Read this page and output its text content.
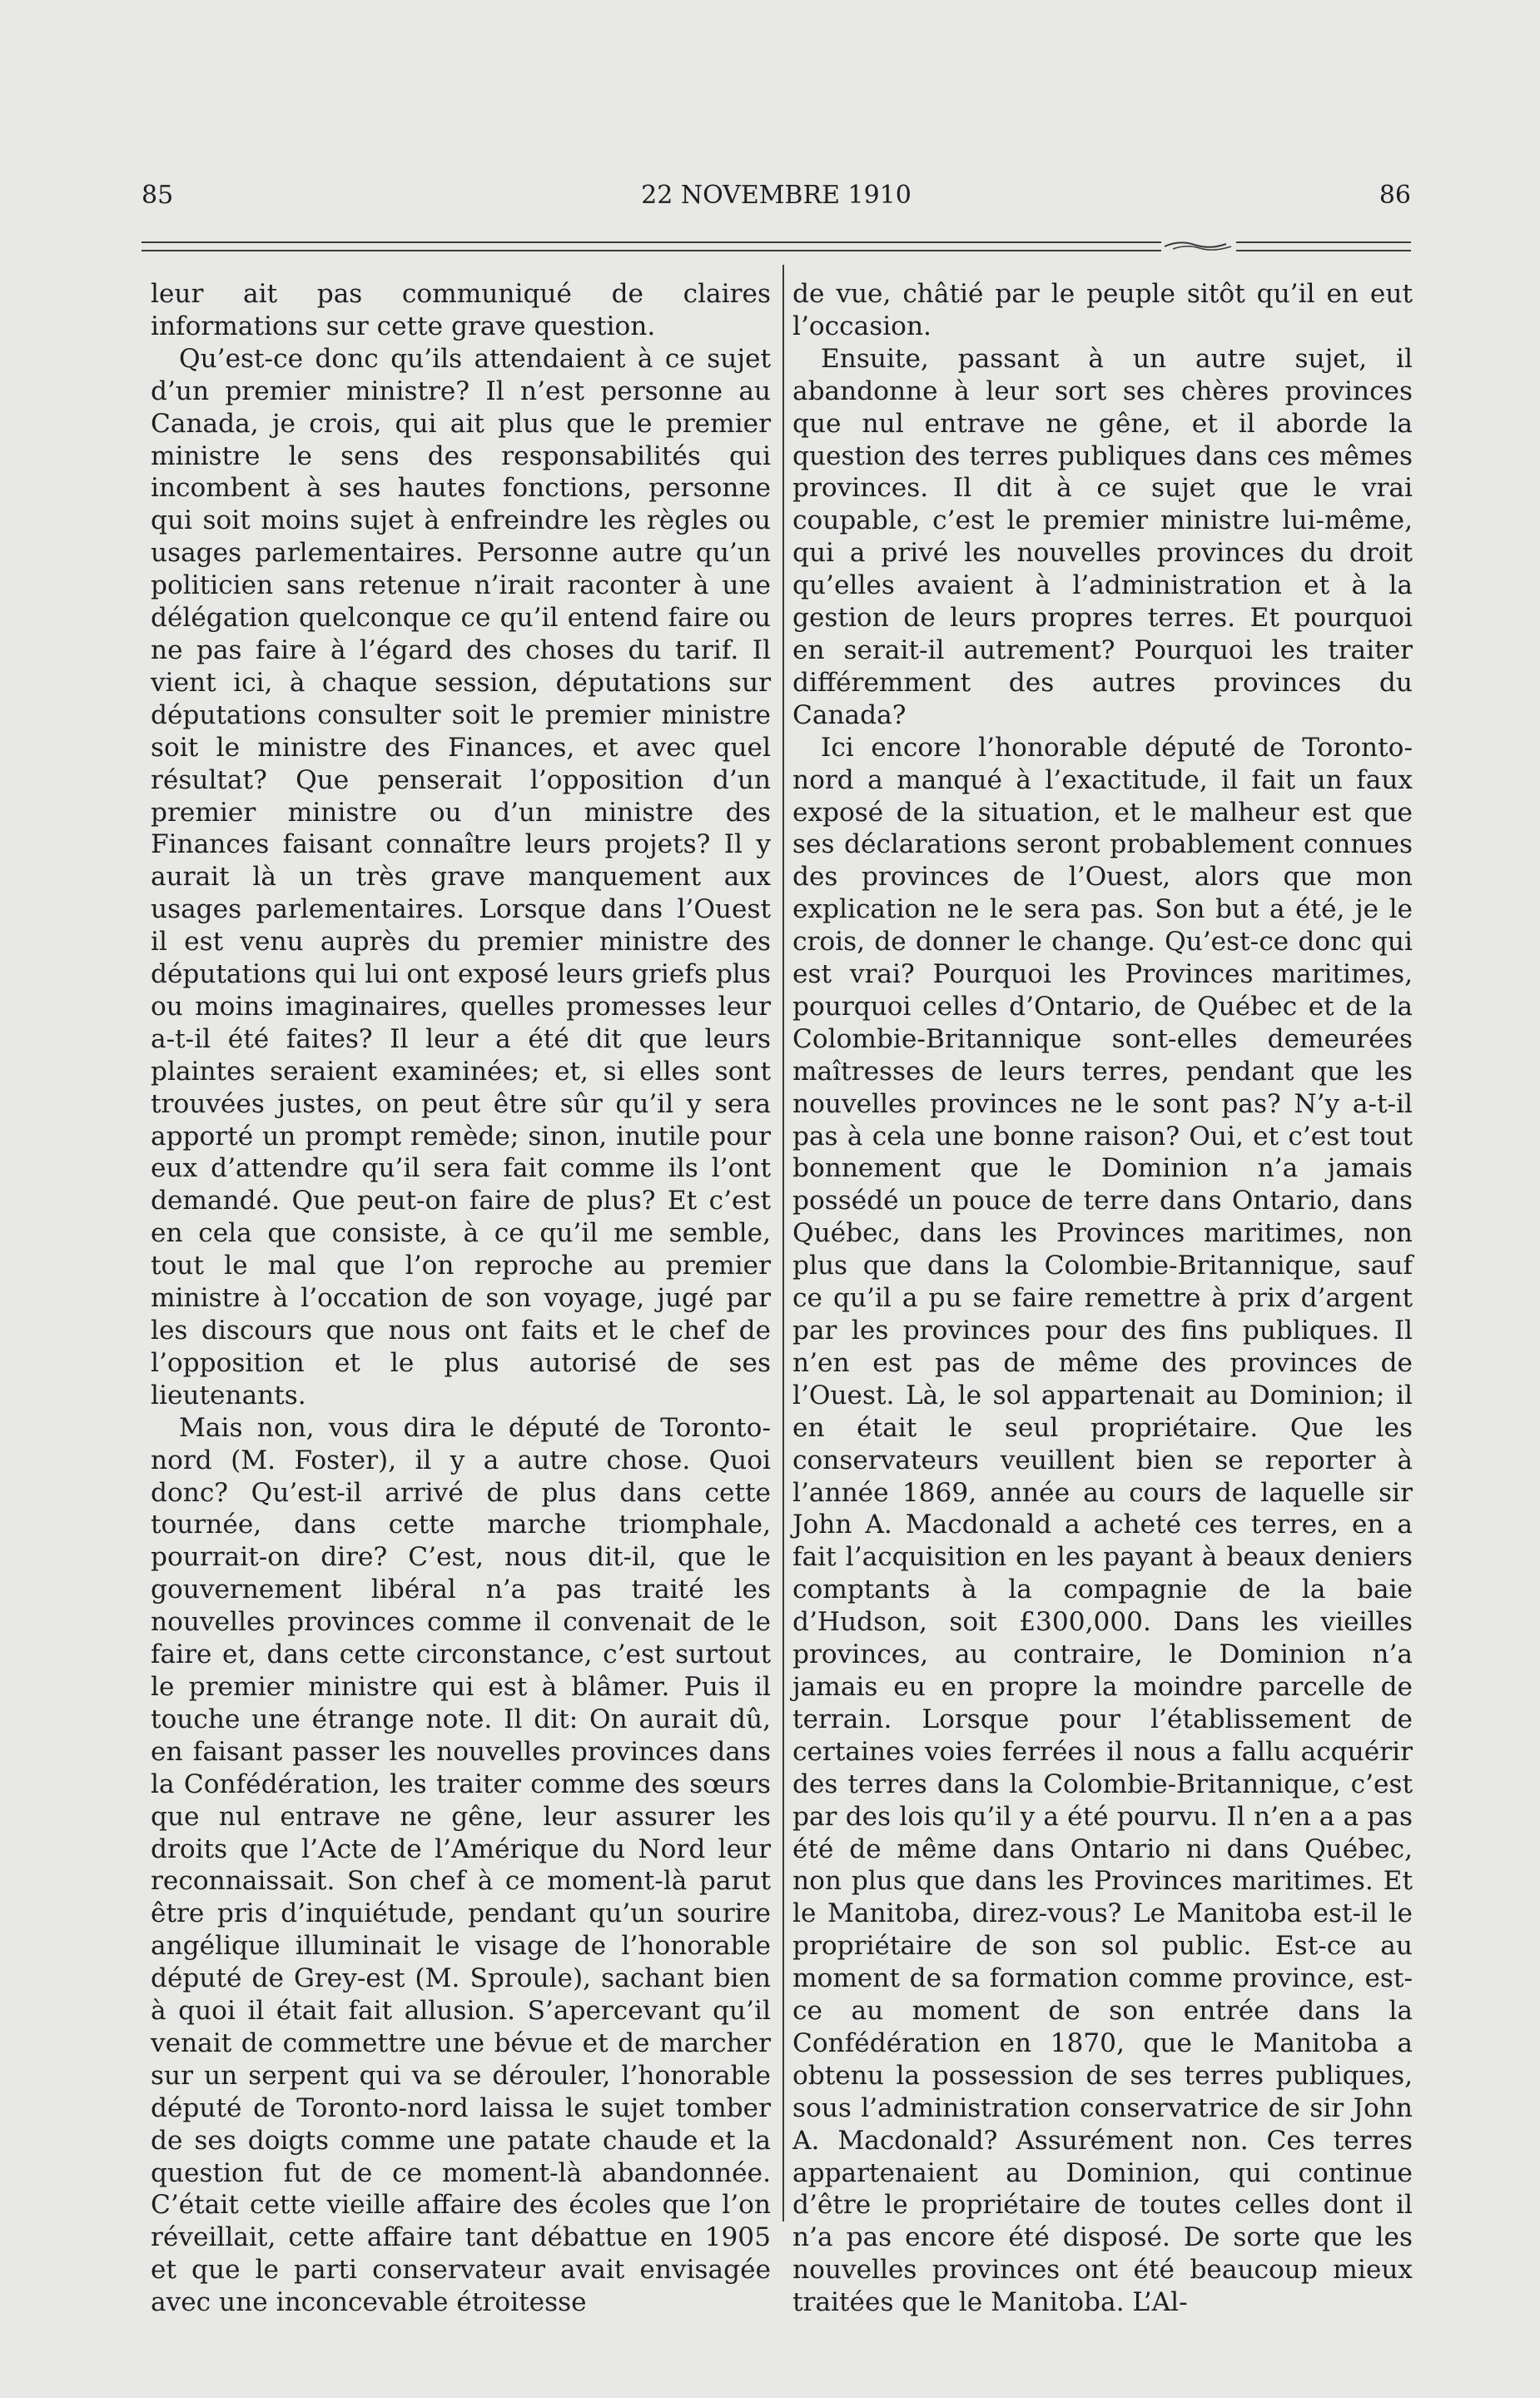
85	22 NOVEMBRE 1910	86

leur ait pas communiqué de claires informations sur cette grave question.

Qu’est-ce donc qu’ils attendaient à ce sujet d’un premier ministre? Il n’est personne au Canada, je crois, qui ait plus que le premier ministre le sens des responsabilités qui incombent à ses hautes fonctions, personne qui soit moins sujet à enfreindre les règles ou usages parlementaires. Personne autre qu’un politicien sans retenue n’irait raconter à une délégation quelconque ce qu’il entend faire ou ne pas faire à l’égard des choses du tarif. Il vient ici, à chaque session, députations sur députations consulter soit le premier ministre soit le ministre des Finances, et avec quel résultat? Que penserait l’opposition d’un premier ministre ou d’un ministre des Finances faisant connaître leurs projets? Il y aurait là un très grave manquement aux usages parlementaires. Lorsque dans l’Ouest il est venu auprès du premier ministre des députations qui lui ont exposé leurs griefs plus ou moins imaginaires, quelles promesses leur a-t-il été faites? Il leur a été dit que leurs plaintes seraient examinées; et, si elles sont trouvées justes, on peut être sûr qu’il y sera apporté un prompt remède; sinon, inutile pour eux d’attendre qu’il sera fait comme ils l’ont demandé. Que peut-on faire de plus? Et c’est en cela que consiste, à ce qu’il me semble, tout le mal que l’on reproche au premier ministre à l’occation de son voyage, jugé par les discours que nous ont faits et le chef de l’opposition et le plus autorisé de ses lieutenants.

Mais non, vous dira le député de Toronto-nord (M. Foster), il y a autre chose. Quoi donc? Qu’est-il arrivé de plus dans cette tournée, dans cette marche triomphale, pourrait-on dire? C’est, nous dit-il, que le gouvernement libéral n’a pas traité les nouvelles provinces comme il convenait de le faire et, dans cette circonstance, c’est surtout le premier ministre qui est à blâmer. Puis il touche une étrange note. Il dit: On aurait dû, en faisant passer les nouvelles provinces dans la Confédération, les traiter comme des sœurs que nul entrave ne gêne, leur assurer les droits que l’Acte de l’Amérique du Nord leur reconnaissait. Son chef à ce moment-là parut être pris d’inquiétude, pendant qu’un sourire angélique illuminait le visage de l’honorable député de Grey-est (M. Sproule), sachant bien à quoi il était fait allusion. S’apercevant qu’il venait de commettre une bévue et de marcher sur un serpent qui va se dérouler, l’honorable député de Toronto-nord laissa le sujet tomber de ses doigts comme une patate chaude et la question fut de ce moment-là abandonnée. C’était cette vieille affaire des écoles que l’on réveillait, cette affaire tant débattue en 1905 et que le parti conservateur avait envisagée avec une inconcevable étroitesse

de vue, châtié par le peuple sitôt qu’il en eut l’occasion.

Ensuite, passant à un autre sujet, il abandonne à leur sort ses chères provinces que nul entrave ne gêne, et il aborde la question des terres publiques dans ces mêmes provinces. Il dit à ce sujet que le vrai coupable, c’est le premier ministre lui-même, qui a privé les nouvelles provinces du droit qu’elles avaient à l’administration et à la gestion de leurs propres terres. Et pourquoi en serait-il autrement? Pourquoi les traiter différemment des autres provinces du Canada?

Ici encore l’honorable député de Toronto-nord a manqué à l’exactitude, il fait un faux exposé de la situation, et le malheur est que ses déclarations seront probablement connues des provinces de l’Ouest, alors que mon explication ne le sera pas. Son but a été, je le crois, de donner le change. Qu’est-ce donc qui est vrai? Pourquoi les Provinces maritimes, pourquoi celles d’Ontario, de Québec et de la Colombie-Britannique sont-elles demeurées maîtresses de leurs terres, pendant que les nouvelles provinces ne le sont pas? N’y a-t-il pas à cela une bonne raison? Oui, et c’est tout bonnement que le Dominion n’a jamais possédé un pouce de terre dans Ontario, dans Québec, dans les Provinces maritimes, non plus que dans la Colombie-Britannique, sauf ce qu’il a pu se faire remettre à prix d’argent par les provinces pour des fins publiques. Il n’en est pas de même des provinces de l’Ouest. Là, le sol appartenait au Dominion; il en était le seul propriétaire. Que les conservateurs veuillent bien se reporter à l’année 1869, année au cours de laquelle sir John A. Macdonald a acheté ces terres, en a fait l’acquisition en les payant à beaux deniers comptants à la compagnie de la baie d’Hudson, soit £300,000. Dans les vieilles provinces, au contraire, le Dominion n’a jamais eu en propre la moindre parcelle de terrain. Lorsque pour l’établissement de certaines voies ferrées il nous a fallu acquérir des terres dans la Colombie-Britannique, c’est par des lois qu’il y a été pourvu. Il n’en a a pas été de même dans Ontario ni dans Québec, non plus que dans les Provinces maritimes. Et le Manitoba, direz-vous? Le Manitoba est-il le propriétaire de son sol public. Est-ce au moment de sa formation comme province, est-ce au moment de son entrée dans la Confédération en 1870, que le Manitoba a obtenu la possession de ses terres publiques, sous l’administration conservatrice de sir John A. Macdonald? Assurément non. Ces terres appartenaient au Dominion, qui continue d’être le propriétaire de toutes celles dont il n’a pas encore été disposé. De sorte que les nouvelles provinces ont été beaucoup mieux traitées que le Manitoba. L’Al-
